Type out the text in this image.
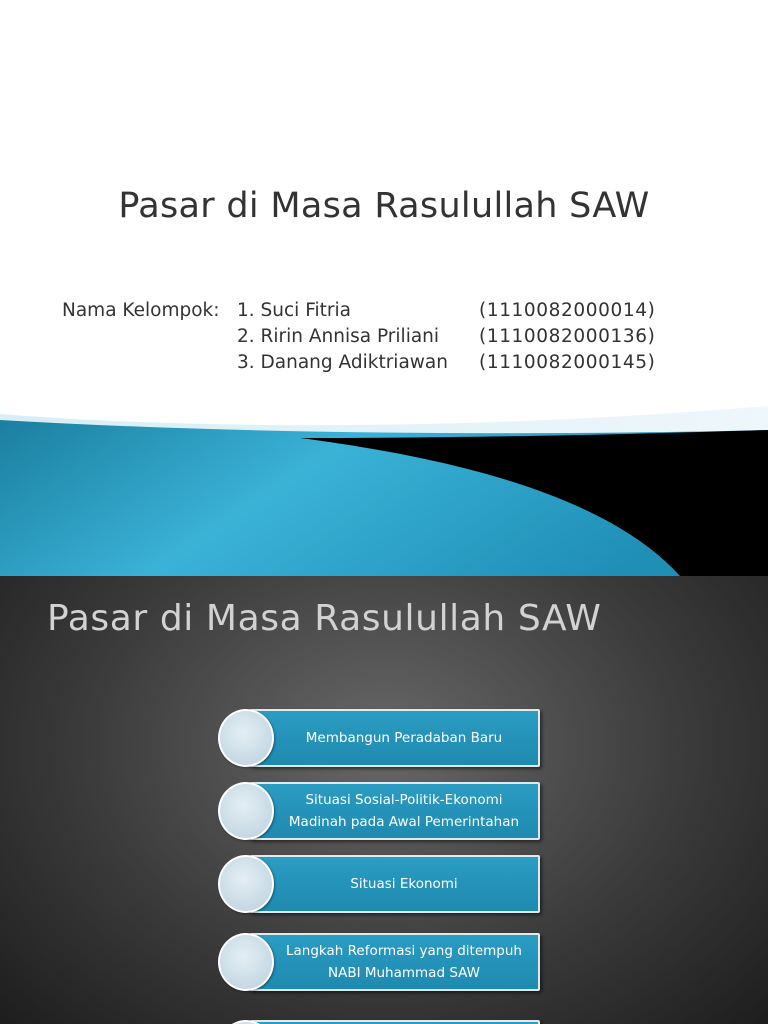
Pasar di Masa Rasulullah SAW
Nama Kelompok: 1. Suci Fitria	(1110082000014)
2. Ririn Annisa Priliani	(1110082000136)
3. Danang Adiktriawan	(1110082000145)
Pasar di Masa Rasulullah SAW
Membangun Peradaban Baru
Situasi Sosial-Politik-Ekonomi Madinah pada Awal Pemerintahan
Situasi Ekonomi
Langkah Reformasi yang ditempuh NABI Muhammad SAW
